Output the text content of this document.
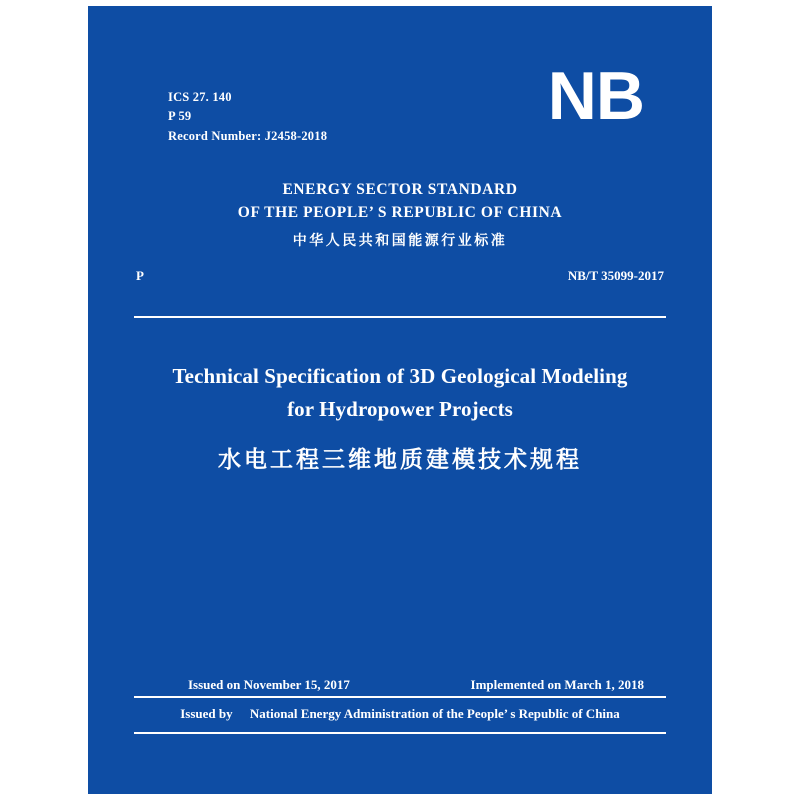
ICS 27. 140
P 59
Record Number: J2458-2018
NB
ENERGY SECTOR STANDARD
OF THE PEOPLE’ S REPUBLIC OF CHINA
中华人民共和国能源行业标准
P	NB/T 35099-2017
Technical Specification of 3D Geological Modeling
for Hydropower Projects
水电工程三维地质建模技术规程
Issued on November 15, 2017	Implemented on March 1, 2018
Issued by National Energy Administration of the People’ s Republic of China
